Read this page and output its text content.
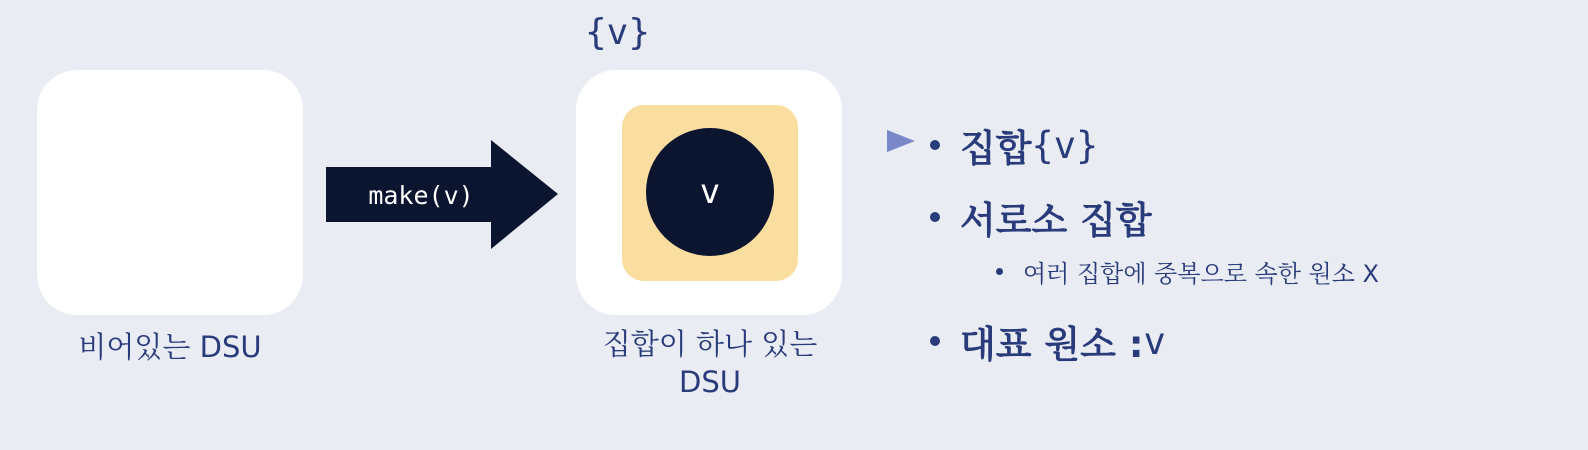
비어있는 DSU
make(v)
{v}
v
집합이 하나 있는
DSU
집합 {v}
서로소 집합
여러 집합에 중복으로 속한 원소 X
대표 원소 : v
